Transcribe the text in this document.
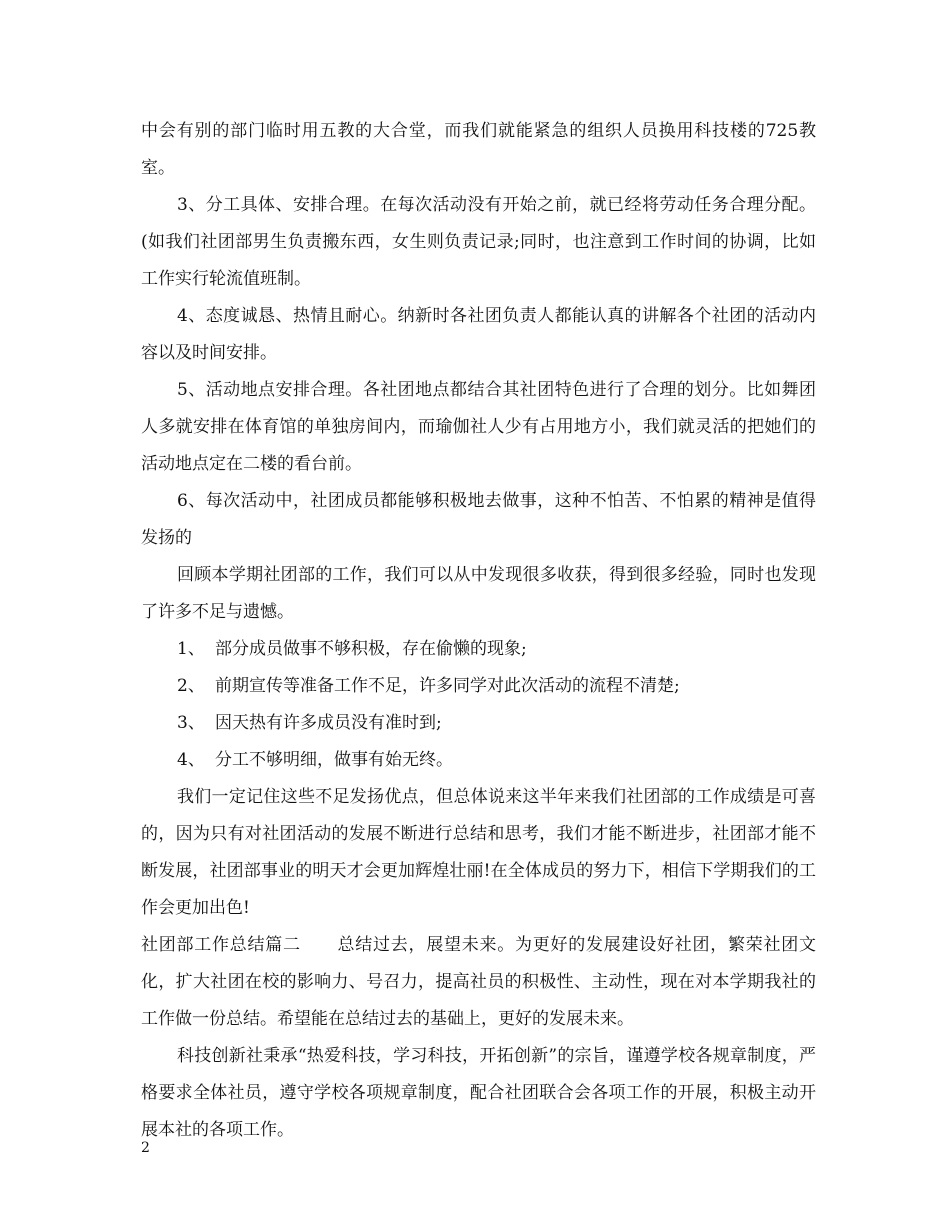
中会有别的部门临时用五教的大合堂，而我们就能紧急的组织人员换用科技楼的725教室。

3、分工具体、安排合理。在每次活动没有开始之前，就已经将劳动任务合理分配。(如我们社团部男生负责搬东西，女生则负责记录;同时，也注意到工作时间的协调，比如工作实行轮流值班制。

4、态度诚恳、热情且耐心。纳新时各社团负责人都能认真的讲解各个社团的活动内容以及时间安排。

5、活动地点安排合理。各社团地点都结合其社团特色进行了合理的划分。比如舞团人多就安排在体育馆的单独房间内，而瑜伽社人少有占用地方小，我们就灵活的把她们的活动地点定在二楼的看台前。

6、每次活动中，社团成员都能够积极地去做事，这种不怕苦、不怕累的精神是值得发扬的

回顾本学期社团部的工作，我们可以从中发现很多收获，得到很多经验，同时也发现了许多不足与遗憾。

1、 部分成员做事不够积极，存在偷懒的现象;

2、 前期宣传等准备工作不足，许多同学对此次活动的流程不清楚;

3、 因天热有许多成员没有准时到;

4、 分工不够明细，做事有始无终。

我们一定记住这些不足发扬优点，但总体说来这半年来我们社团部的工作成绩是可喜的，因为只有对社团活动的发展不断进行总结和思考，我们才能不断进步，社团部才能不断发展，社团部事业的明天才会更加辉煌壮丽!在全体成员的努力下，相信下学期我们的工作会更加出色!

社团部工作总结篇二 总结过去，展望未来。为更好的发展建设好社团，繁荣社团文化，扩大社团在校的影响力、号召力，提高社员的积极性、主动性，现在对本学期我社的工作做一份总结。希望能在总结过去的基础上，更好的发展未来。

科技创新社秉承“热爱科技，学习科技，开拓创新”的宗旨，谨遵学校各规章制度，严格要求全体社员，遵守学校各项规章制度，配合社团联合会各项工作的开展，积极主动开展本社的各项工作。

2
